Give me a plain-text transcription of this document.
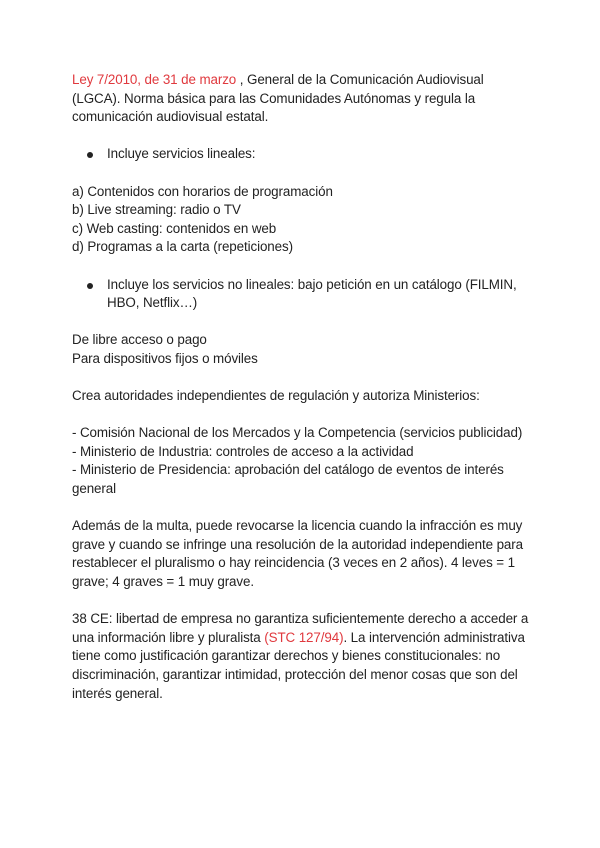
Ley 7/2010, de 31 de marzo , General de la Comunicación Audiovisual (LGCA). Norma básica para las Comunidades Autónomas y regula la comunicación audiovisual estatal.

Incluye servicios lineales:

a) Contenidos con horarios de programación

b) Live streaming: radio o TV

c) Web casting: contenidos en web

d) Programas a la carta (repeticiones)

Incluye los servicios no lineales: bajo petición en un catálogo (FILMIN, HBO, Netflix…)

De libre acceso o pago

Para dispositivos fijos o móviles

Crea autoridades independientes de regulación y autoriza Ministerios:

- Comisión Nacional de los Mercados y la Competencia (servicios publicidad)

- Ministerio de Industria: controles de acceso a la actividad

- Ministerio de Presidencia: aprobación del catálogo de eventos de interés general

Además de la multa, puede revocarse la licencia cuando la infracción es muy grave y cuando se infringe una resolución de la autoridad independiente para restablecer el pluralismo o hay reincidencia (3 veces en 2 años). 4 leves = 1 grave; 4 graves = 1 muy grave.

38 CE: libertad de empresa no garantiza suficientemente derecho a acceder a una información libre y pluralista (STC 127/94). La intervención administrativa tiene como justificación garantizar derechos y bienes constitucionales: no discriminación, garantizar intimidad, protección del menor cosas que son del interés general.
